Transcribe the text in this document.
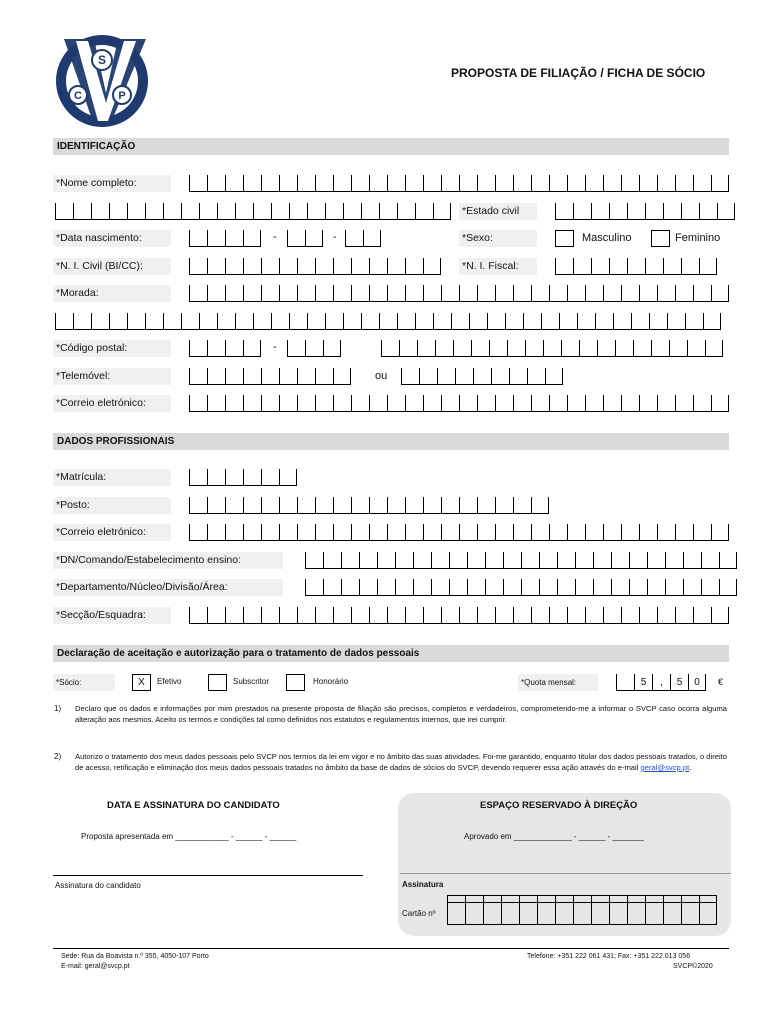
S
C	P
PROPOSTA DE FILIAÇÃO / FICHA DE SÓCIO
IDENTIFICAÇÃO
*Nome completo:
*Estado civil
*Data nascimento:	-	-	*Sexo:	Masculino	Feminino
*N. I. Civil (BI/CC):	*N. I. Fiscal:
*Morada:
*Código postal:	-
*Telemóvel:	ou
*Correio eletrónico:
DADOS PROFISSIONAIS
*Matrícula:
*Posto:
*Correio eletrónico:
*DN/Comando/Estabelecimento ensino:
*Departamento/Núcleo/Divisão/Área:
*Secção/Esquadra:
Declaração de aceitação e autorização para o tratamento de dados pessoais
*Sócio:	X	Efetivo	Subscritor	Honorário	*Quota mensal:	5	,	5	0	€
1) Declaro que os dados e informações por mim prestados na presente proposta de filiação são precisos, completos e verdadeiros, comprometendo-me a informar o SVCP caso ocorra alguma alteração aos mesmos. Aceito os termos e condições tal como definidos nos estatutos e regulamentos internos, que irei cumprir.
2) Autorizo o tratamento dos meus dados pessoais pelo SVCP nos termos da lei em vigor e no âmbito das suas atividades. Foi-me garantido, enquanto titular dos dados pessoais tratados, o direito de acesso, retificação e eliminação dos meus dados pessoais tratados no âmbito da base de dados de sócios do SVCP, devendo requerer essa ação através do e-mail geral@svcp.pt.
DATA E ASSINATURA DO CANDIDATO
Proposta apresentada em ____________ - ______ - ______
Assinatura do candidato
ESPAÇO RESERVADO À DIREÇÃO
Aprovado em _____________ - ______ - _______
Assinatura
Cartão nº
Sede: Rua da Boavista n.º 355, 4050-107 Porto
E-mail: geral@svcp.pt
Telefone: +351 222 061 431; Fax: +351 222 013 056
SVCP©2020
